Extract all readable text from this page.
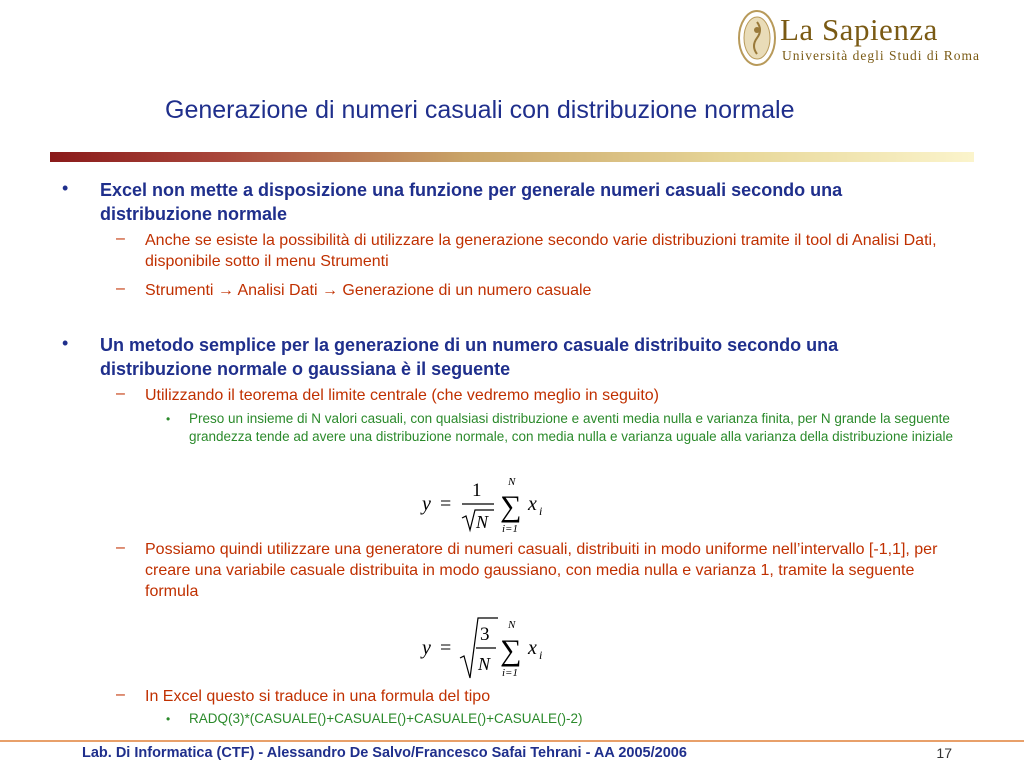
La Sapienza
Università degli Studi di Roma
Generazione di numeri casuali con distribuzione normale
• Excel non mette a disposizione una funzione per generale numeri casuali secondo una distribuzione normale
– Anche se esiste la possibilità di utilizzare la generazione secondo varie distribuzioni tramite il tool di Analisi Dati, disponibile sotto il menu Strumenti
– Strumenti → Analisi Dati → Generazione di un numero casuale
• Un metodo semplice per la generazione di un numero casuale distribuito secondo una distribuzione normale o gaussiana è il seguente
– Utilizzando il teorema del limite centrale (che vedremo meglio in seguito)
• Preso un insieme di N valori casuali, con qualsiasi distribuzione e aventi media nulla e varianza finita, per N grande la seguente grandezza tende ad avere una distribuzione normale, con media nulla e varianza uguale alla varianza della distribuzione iniziale
y =
1
N ∑
N
i=1
x i
– Possiamo quindi utilizzare una generatore di numeri casuali, distribuiti in modo uniforme nell’intervallo [-1,1], per creare una variabile casuale distribuita in modo gaussiano, con media nulla e varianza 1, tramite la seguente formula
y =
3
N ∑
N
i=1
x i
– In Excel questo si traduce in una formula del tipo
• RADQ(3)*(CASUALE()+CASUALE()+CASUALE()+CASUALE()-2)
Lab. Di Informatica (CTF) - Alessandro De Salvo/Francesco Safai Tehrani - AA 2005/2006	17
